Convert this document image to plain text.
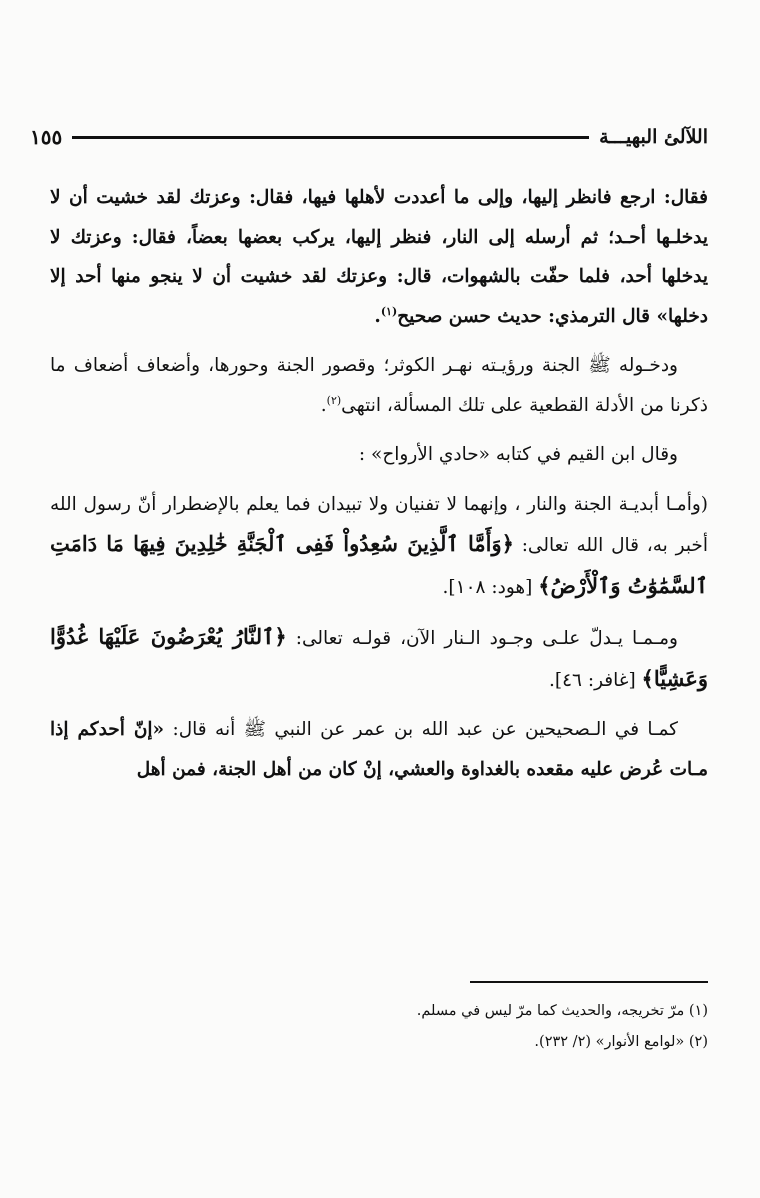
اللآلئ البهيـــة
١٥٥

فقال: ارجع فانظر إليها، وإلى ما أعددت لأهلها فيها، فقال: وعزتك لقد خشيت أن لا يدخلـها أحـد؛ ثم أرسله إلى النار، فنظر إليها، يركب بعضها بعضاً، فقال: وعزتك لا يدخلها أحد، فلما حفّت بالشهوات، قال: وعزتك لقد خشيت أن لا ينجو منها أحد إلا دخلها» قال الترمذي: حديث حسن صحيح$^{(١)}$.

ودخـوله ﷺ الجنة ورؤيـته نهـر الكوثر؛ وقصور الجنة وحورها، وأضعاف أضعاف ما ذكرنا من الأدلة القطعية على تلك المسألة، انتهى$^{(٢)}$.

وقال ابن القيم في كتابه «حادي الأرواح» :

(وأمـا أبديـة الجنة والنار ، وإنهما لا تفنيان ولا تبيدان فما يعلم بالإضطرار أنّ رسول الله أخبر به، قال الله تعالى: ﴿وَأَمَّا ٱلَّذِينَ سُعِدُواْ فَفِى ٱلْجَنَّةِ خَٰلِدِينَ فِيهَا مَا دَامَتِ ٱلسَّمَٰوَٰتُ وَٱلْأَرْضُ﴾ [هود: ١٠٨].

ومـمـا يـدلّ علـى وجـود الـنار الآن، قولـه تعالى: ﴿ٱلنَّارُ يُعْرَضُونَ عَلَيْهَا غُدُوًّا وَعَشِيًّا﴾ [غافر: ٤٦].

كمـا في الـصحيحين عن عبد الله بن عمر عن النبي ﷺ أنه قال: «إنّ أحدكم إذا مـات عُرض عليه مقعده بالغداوة والعشي، إنْ كان من أهل الجنة، فمن أهل

(١) مرّ تخريجه، والحديث كما مرّ ليس في مسلم.

(٢) «لوامع الأنوار» (٢/ ٢٣٢).
